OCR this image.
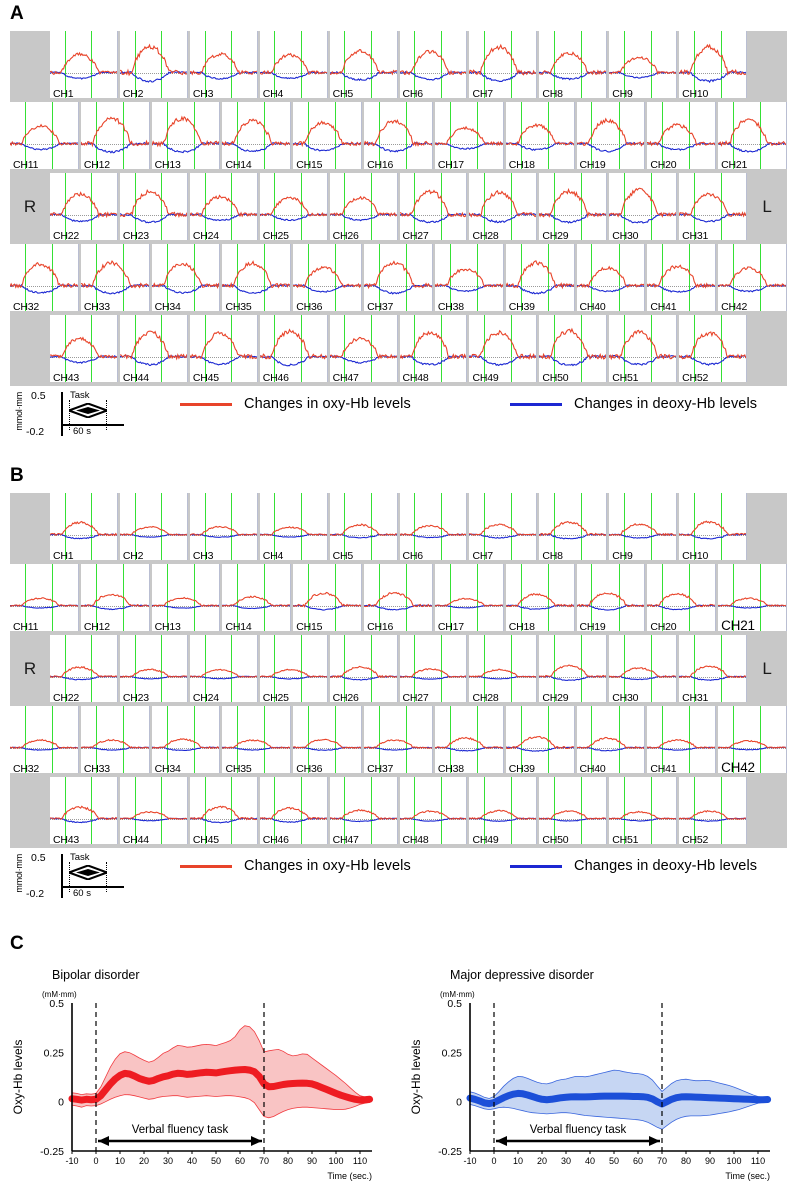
A
CH1	CH2	CH3	CH4	CH5	CH6	CH7	CH8	CH9	CH10
CH11	CH12	CH13	CH14	CH15	CH16	CH17	CH18	CH19	CH20	CH21
R
CH22	CH23	CH24	CH25	CH26	CH27	CH28	CH29	CH30	CH31
L
CH32	CH33	CH34	CH35	CH36	CH37	CH38	CH39	CH40	CH41	CH42
CH43	CH44	CH45	CH46	CH47	CH48	CH49	CH50	CH51	CH52
mmol·mm 0.5
-0.2
Task
60 s
Changes in oxy-Hb levels	Changes in deoxy-Hb levels
B
CH1	CH2	CH3	CH4	CH5	CH6	CH7	CH8	CH9	CH10
CH11	CH12	CH13	CH14	CH15	CH16	CH17	CH18	CH19	CH20	CH21
R
CH22	CH23	CH24	CH25	CH26	CH27	CH28	CH29	CH30	CH31
L
CH32	CH33	CH34	CH35	CH36	CH37	CH38	CH39	CH40	CH41	CH42
CH43	CH44	CH45	CH46	CH47	CH48	CH49	CH50	CH51	CH52
mmol·mm 0.5
-0.2
Task
60 s
Changes in oxy-Hb levels	Changes in deoxy-Hb levels
C
Bipolar disorder
(mM·mm)
Oxy-Hb levels
-10 0 10 20 30 40 50 60 70 80 90 100 110
-0.25
0
0.25
0.5
Verbal fluency task
Time (sec.)
Major depressive disorder
(mM·mm)
Oxy-Hb levels
-10 0 10 20 30 40 50 60 70 80 90 100 110
-0.25
0
0.25
0.5
Verbal fluency task
Time (sec.)
